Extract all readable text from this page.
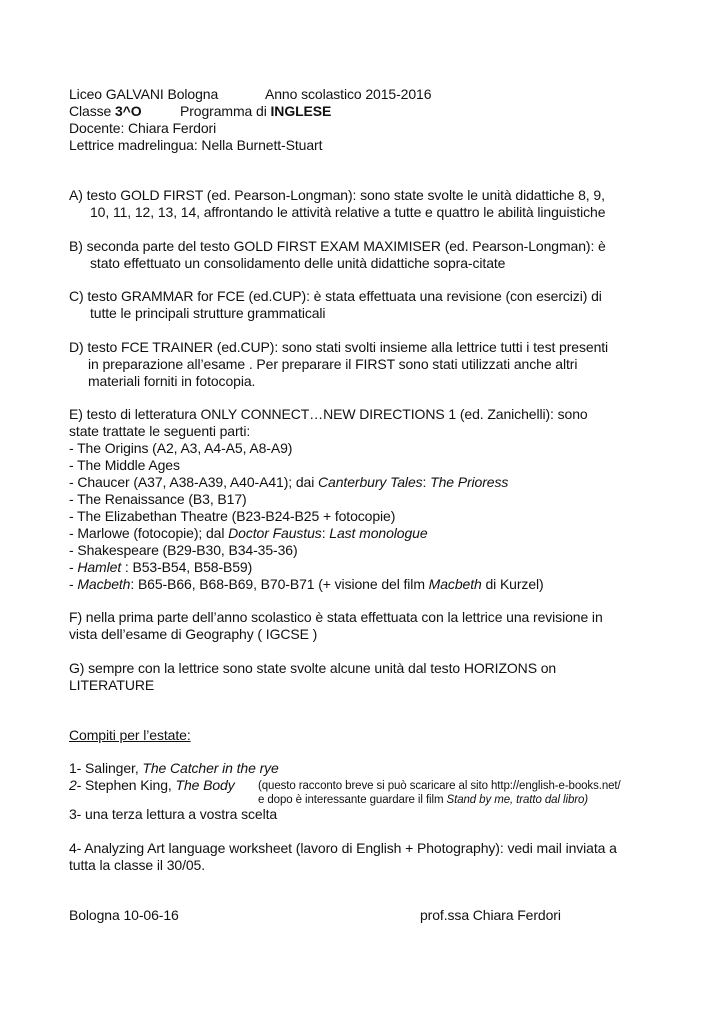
Liceo GALVANI Bologna	Anno scolastico 2015-2016
Classe 3^O	Programma di INGLESE
Docente: Chiara Ferdori
Lettrice madrelingua: Nella Burnett-Stuart
A) testo GOLD FIRST (ed. Pearson-Longman): sono state svolte le unità didattiche 8, 9,
10, 11, 12, 13, 14, affrontando le attività relative a tutte e quattro le abilità linguistiche
B) seconda parte del testo GOLD FIRST EXAM MAXIMISER (ed. Pearson-Longman): è
stato effettuato un consolidamento delle unità didattiche sopra-citate
C) testo GRAMMAR for FCE (ed.CUP): è stata effettuata una revisione (con esercizi) di
tutte le principali strutture grammaticali
D) testo FCE TRAINER (ed.CUP): sono stati svolti insieme alla lettrice tutti i test presenti
in preparazione all’esame . Per preparare il FIRST sono stati utilizzati anche altri
materiali forniti in fotocopia.
E) testo di letteratura ONLY CONNECT…NEW DIRECTIONS 1 (ed. Zanichelli): sono
state trattate le seguenti parti:
- The Origins (A2, A3, A4-A5, A8-A9)
- The Middle Ages
- Chaucer (A37, A38-A39, A40-A41); dai Canterbury Tales: The Prioress
- The Renaissance (B3, B17)
- The Elizabethan Theatre (B23-B24-B25 + fotocopie)
- Marlowe (fotocopie); dal Doctor Faustus: Last monologue
- Shakespeare (B29-B30, B34-35-36)
- Hamlet : B53-B54, B58-B59)
- Macbeth: B65-B66, B68-B69, B70-B71 (+ visione del film Macbeth di Kurzel)
F) nella prima parte dell’anno scolastico è stata effettuata con la lettrice una revisione in
vista dell’esame di Geography ( IGCSE )
G) sempre con la lettrice sono state svolte alcune unità dal testo HORIZONS on
LITERATURE
Compiti per l’estate:
1- Salinger, The Catcher in the rye
2- Stephen King, The Body (questo racconto breve si può scaricare al sito http://english-e-books.net/
e dopo è interessante guardare il film Stand by me, tratto dal libro)
3- una terza lettura a vostra scelta
4- Analyzing Art language worksheet (lavoro di English + Photography): vedi mail inviata a
tutta la classe il 30/05.
Bologna 10-06-16	prof.ssa Chiara Ferdori
